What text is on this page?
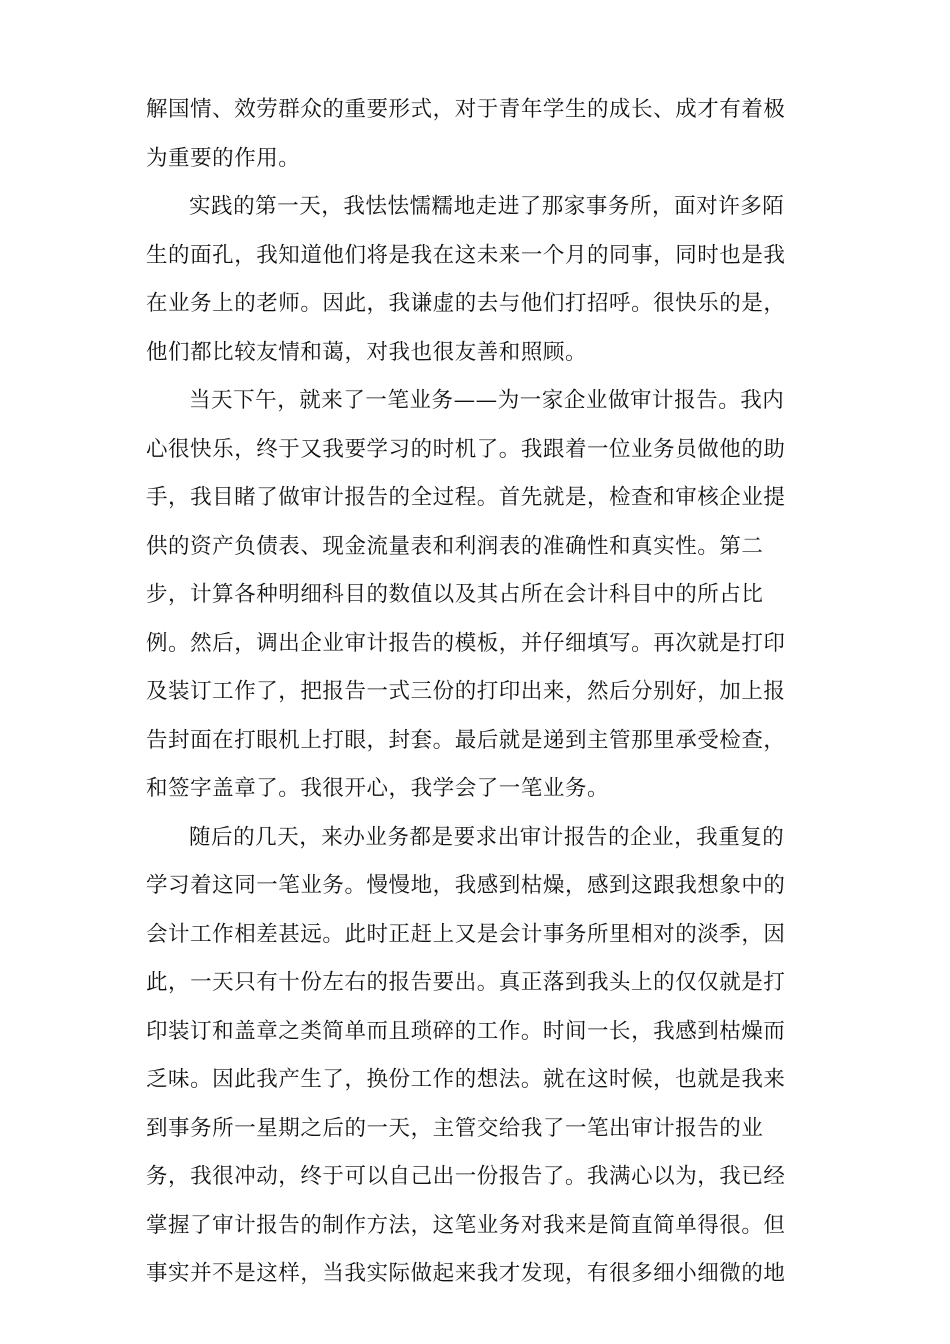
解国情、效劳群众的重要形式，对于青年学生的成长、成才有着极
为重要的作用。
实践的第一天，我怯怯懦糯地走进了那家事务所，面对许多陌
生的面孔，我知道他们将是我在这未来一个月的同事，同时也是我
在业务上的老师。因此，我谦虚的去与他们打招呼。很快乐的是，
他们都比较友情和蔼，对我也很友善和照顾。
当天下午，就来了一笔业务——为一家企业做审计报告。我内
心很快乐，终于又我要学习的时机了。我跟着一位业务员做他的助
手，我目睹了做审计报告的全过程。首先就是，检查和审核企业提
供的资产负债表、现金流量表和利润表的准确性和真实性。第二
步，计算各种明细科目的数值以及其占所在会计科目中的所占比
例。然后，调出企业审计报告的模板，并仔细填写。再次就是打印
及装订工作了，把报告一式三份的打印出来，然后分别好，加上报
告封面在打眼机上打眼，封套。最后就是递到主管那里承受检查，
和签字盖章了。我很开心，我学会了一笔业务。
随后的几天，来办业务都是要求出审计报告的企业，我重复的
学习着这同一笔业务。慢慢地，我感到枯燥，感到这跟我想象中的
会计工作相差甚远。此时正赶上又是会计事务所里相对的淡季，因
此，一天只有十份左右的报告要出。真正落到我头上的仅仅就是打
印装订和盖章之类简单而且琐碎的工作。时间一长，我感到枯燥而
乏味。因此我产生了，换份工作的想法。就在这时候，也就是我来
到事务所一星期之后的一天，主管交给我了一笔出审计报告的业
务，我很冲动，终于可以自己出一份报告了。我满心以为，我已经
掌握了审计报告的制作方法，这笔业务对我来是简直简单得很。但
事实并不是这样，当我实际做起来我才发现，有很多细小细微的地
